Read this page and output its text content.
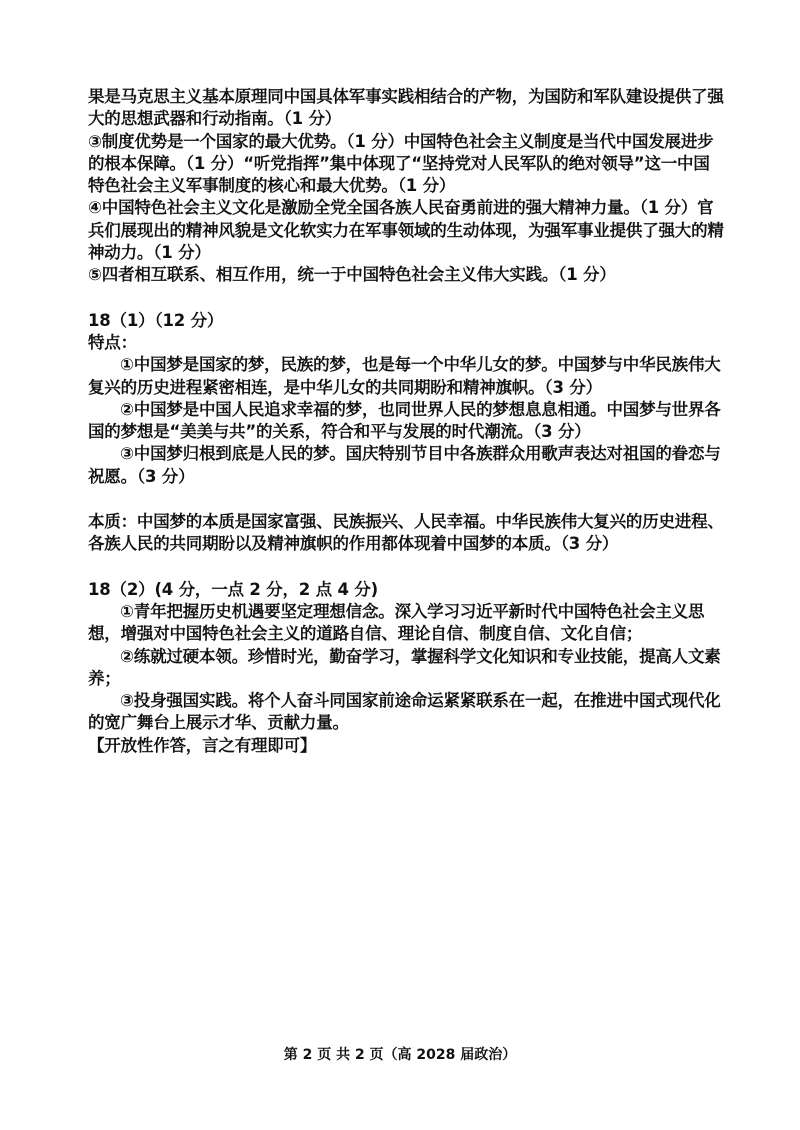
果是马克思主义基本原理同中国具体军事实践相结合的产物，为国防和军队建设提供了强
大的思想武器和行动指南。（1 分）
③制度优势是一个国家的最大优势。（1 分）中国特色社会主义制度是当代中国发展进步
的根本保障。（1 分）“听党指挥”集中体现了“坚持党对人民军队的绝对领导”这一中国
特色社会主义军事制度的核心和最大优势。（1 分）
④中国特色社会主义文化是激励全党全国各族人民奋勇前进的强大精神力量。（1 分）官
兵们展现出的精神风貌是文化软实力在军事领域的生动体现，为强军事业提供了强大的精
神动力。（1 分）
⑤四者相互联系、相互作用，统一于中国特色社会主义伟大实践。（1 分）
18（1）（12 分）
特点：
①中国梦是国家的梦，民族的梦，也是每一个中华儿女的梦。中国梦与中华民族伟大
复兴的历史进程紧密相连，是中华儿女的共同期盼和精神旗帜。（3 分）
②中国梦是中国人民追求幸福的梦，也同世界人民的梦想息息相通。中国梦与世界各
国的梦想是“美美与共”的关系，符合和平与发展的时代潮流。（3 分）
③中国梦归根到底是人民的梦。国庆特别节目中各族群众用歌声表达对祖国的眷恋与
祝愿。（3 分）
本质：中国梦的本质是国家富强、民族振兴、人民幸福。中华民族伟大复兴的历史进程、
各族人民的共同期盼以及精神旗帜的作用都体现着中国梦的本质。（3 分）
18（2）(4 分，一点 2 分，2 点 4 分)
①青年把握历史机遇要坚定理想信念。深入学习习近平新时代中国特色社会主义思
想，增强对中国特色社会主义的道路自信、理论自信、制度自信、文化自信；
②练就过硬本领。珍惜时光，勤奋学习，掌握科学文化知识和专业技能，提高人文素
养；
③投身强国实践。将个人奋斗同国家前途命运紧紧联系在一起，在推进中国式现代化
的宽广舞台上展示才华、贡献力量。
【开放性作答，言之有理即可】
第 2 页 共 2 页（高 2028 届政治）
